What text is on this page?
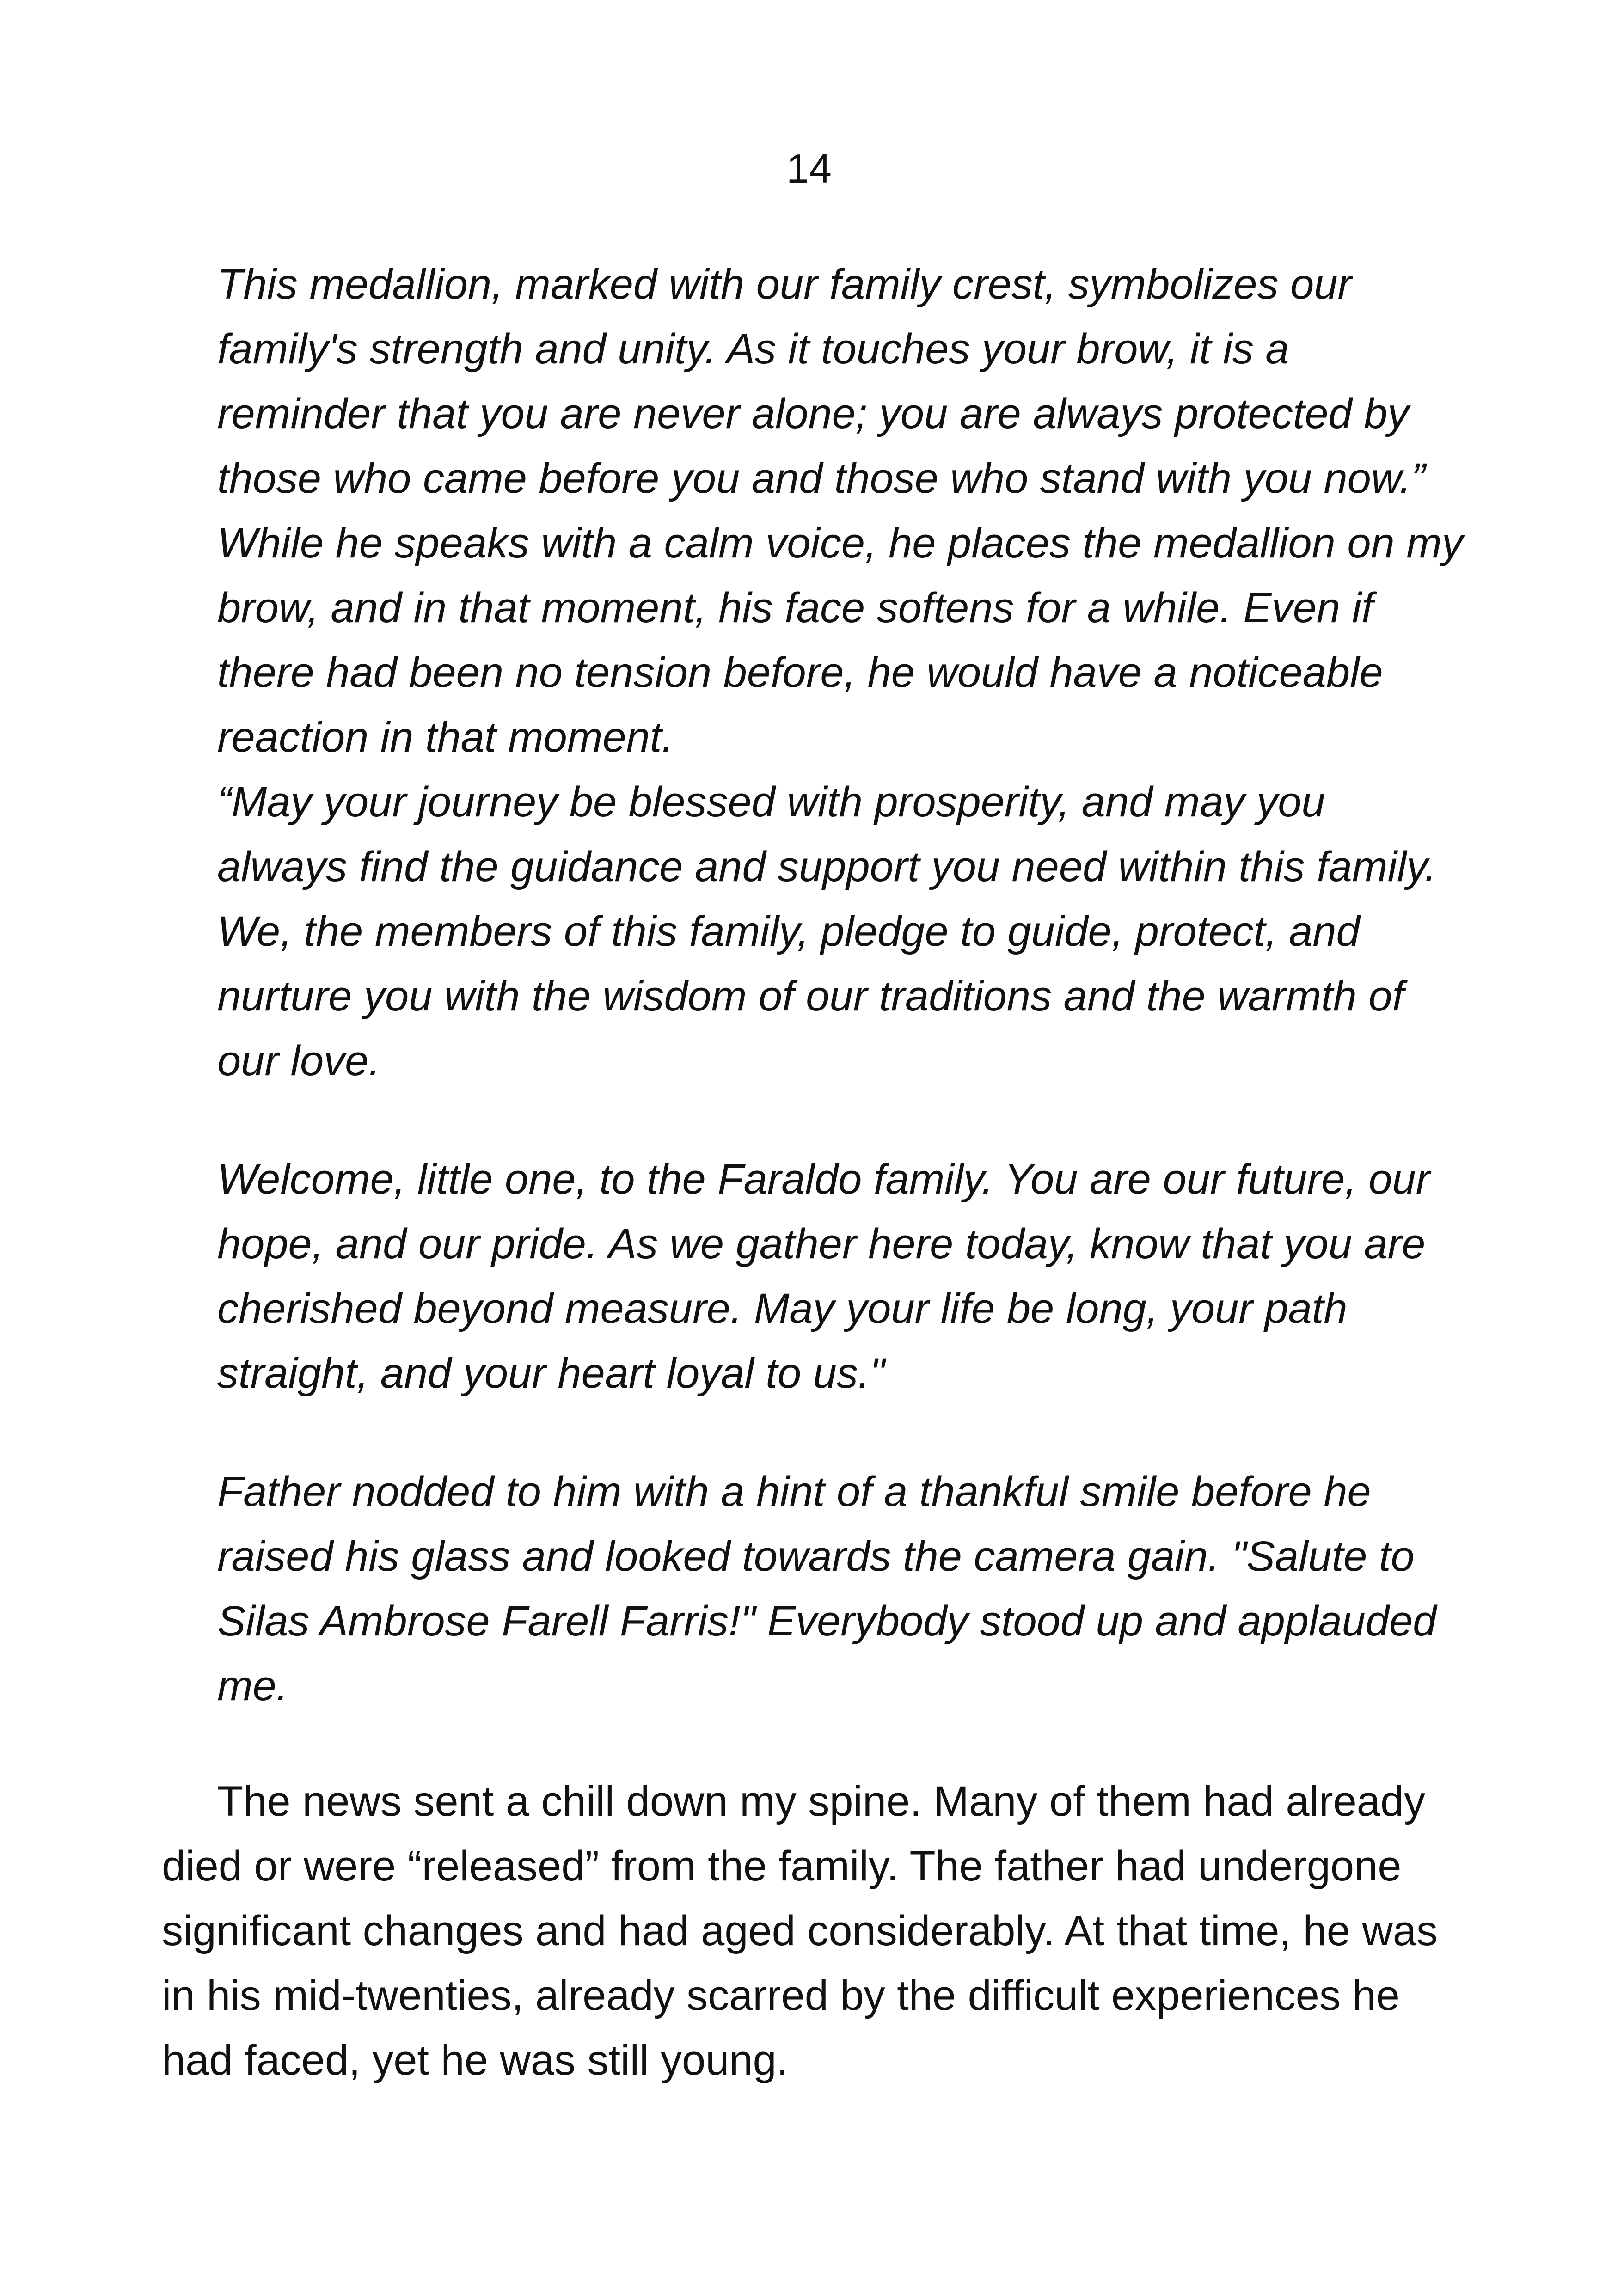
14
This medallion, marked with our family crest, symbolizes our
family's strength and unity. As it touches your brow, it is a
reminder that you are never alone; you are always protected by
those who came before you and those who stand with you now.”
While he speaks with a calm voice, he places the medallion on my
brow, and in that moment, his face softens for a while. Even if
there had been no tension before, he would have a noticeable
reaction in that moment.
“May your journey be blessed with prosperity, and may you
always find the guidance and support you need within this family.
We, the members of this family, pledge to guide, protect, and
nurture you with the wisdom of our traditions and the warmth of
our love.
Welcome, little one, to the Faraldo family. You are our future, our
hope, and our pride. As we gather here today, know that you are
cherished beyond measure. May your life be long, your path
straight, and your heart loyal to us."
Father nodded to him with a hint of a thankful smile before he
raised his glass and looked towards the camera gain. "Salute to
Silas Ambrose Farell Farris!" Everybody stood up and applauded
me.
The news sent a chill down my spine. Many of them had already
died or were “released” from the family. The father had undergone
significant changes and had aged considerably. At that time, he was
in his mid-twenties, already scarred by the difficult experiences he
had faced, yet he was still young.
